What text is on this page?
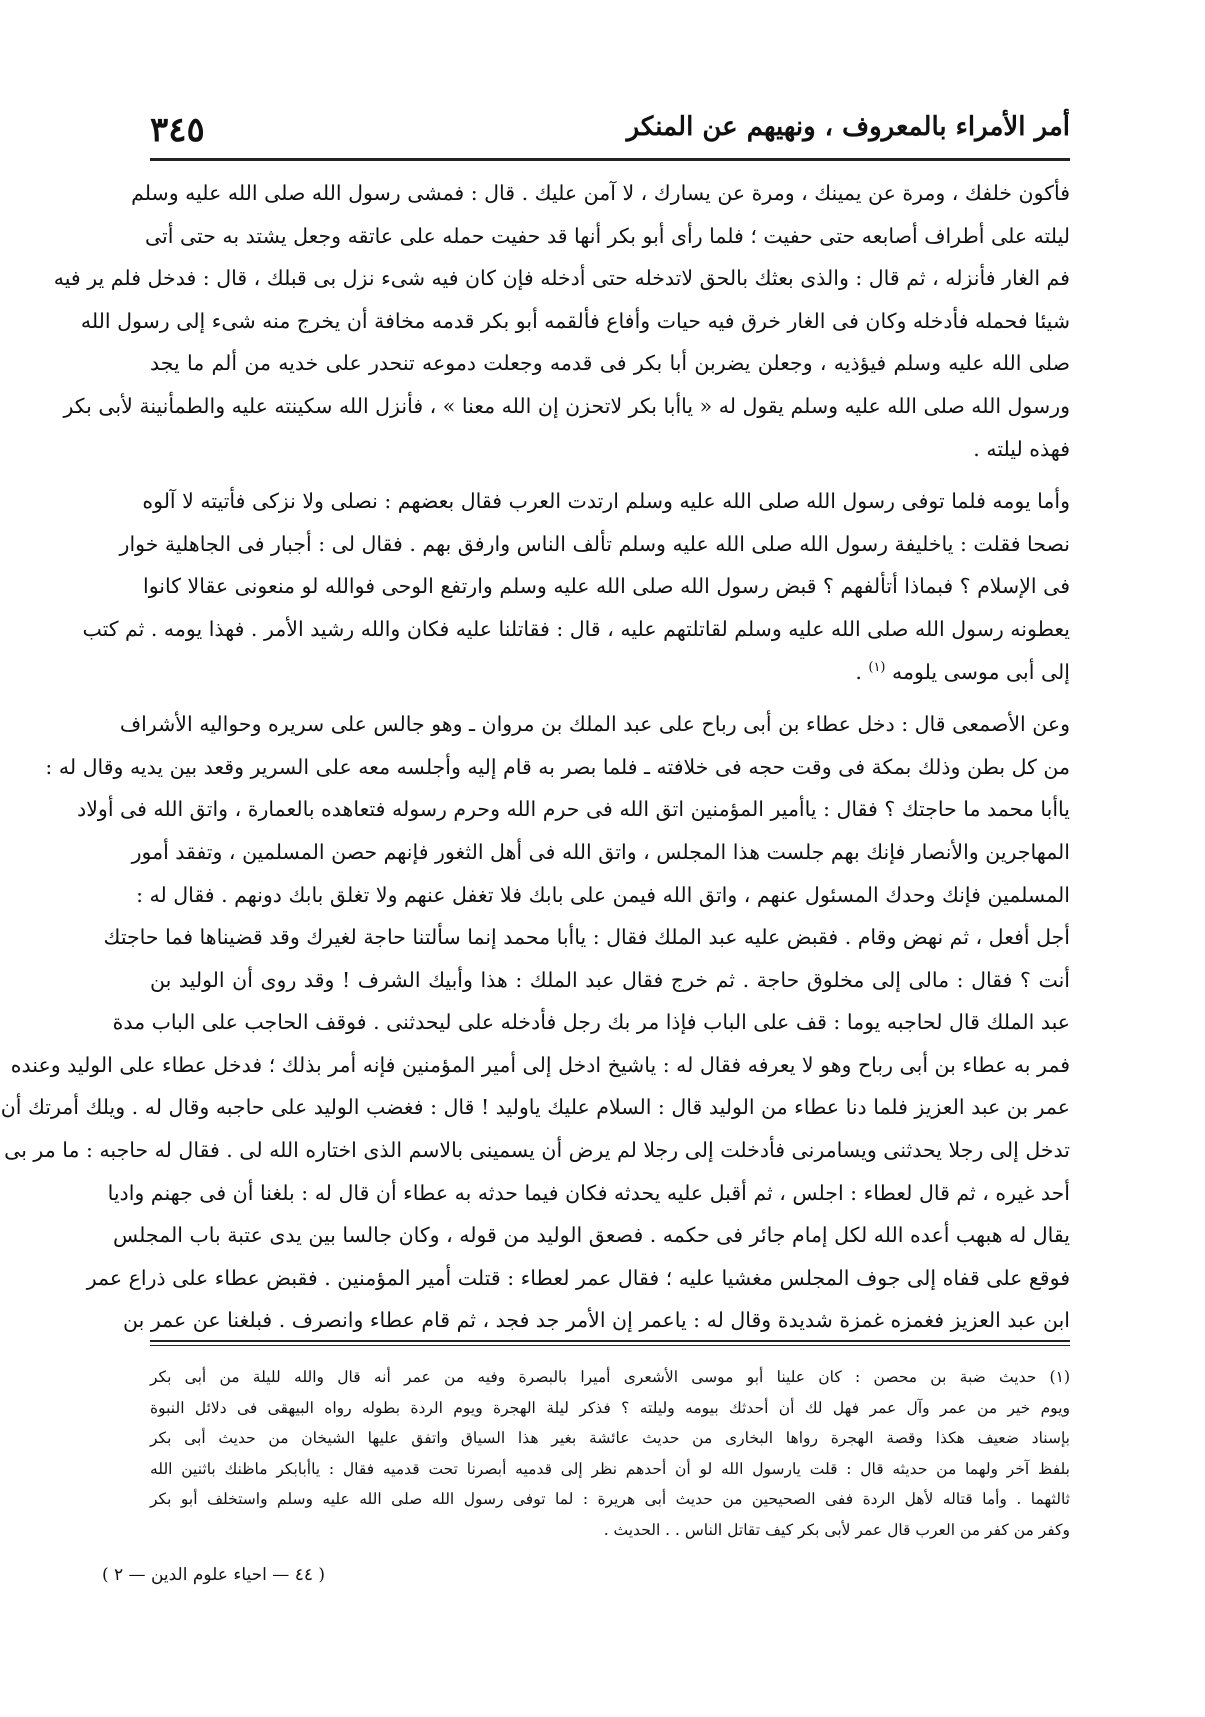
٣٤٥	أمر الأمراء بالمعروف ، ونهيهم عن المنكر
فأكون خلفك ، ومرة عن يمينك ، ومرة عن يسارك ، لا آمن عليك . قال : فمشى رسول الله صلى الله عليه وسلم
ليلته على أطراف أصابعه حتى حفيت ؛ فلما رأى أبو بكر أنها قد حفيت حمله على عاتقه وجعل يشتد به حتى أتى
فم الغار فأنزله ، ثم قال : والذى بعثك بالحق لاتدخله حتى أدخله فإن كان فيه شىء نزل بى قبلك ، قال : فدخل فلم ير فيه
شيئا فحمله فأدخله وكان فى الغار خرق فيه حيات وأفاع فألقمه أبو بكر قدمه مخافة أن يخرج منه شىء إلى رسول الله
صلى الله عليه وسلم فيؤذيه ، وجعلن يضربن أبا بكر فى قدمه وجعلت دموعه تنحدر على خديه من ألم ما يجد
ورسول الله صلى الله عليه وسلم يقول له « ياأبا بكر لاتحزن إن الله معنا » ، فأنزل الله سكينته عليه والطمأنينة لأبى بكر
فهذه ليلته .
وأما يومه فلما توفى رسول الله صلى الله عليه وسلم ارتدت العرب فقال بعضهم : نصلى ولا نزكى فأتيته لا آلوه
نصحا فقلت : ياخليفة رسول الله صلى الله عليه وسلم تألف الناس وارفق بهم . فقال لى : أجبار فى الجاهلية خوار
فى الإسلام ؟ فبماذا أتألفهم ؟ قبض رسول الله صلى الله عليه وسلم وارتفع الوحى فوالله لو منعونى عقالا كانوا
يعطونه رسول الله صلى الله عليه وسلم لقاتلتهم عليه ، قال : فقاتلنا عليه فكان والله رشيد الأمر . فهذا يومه . ثم كتب
إلى أبى موسى يلومه $^{(١)}$ .
وعن الأصمعى قال : دخل عطاء بن أبى رباح على عبد الملك بن مروان ـ وهو جالس على سريره وحواليه الأشراف
من كل بطن وذلك بمكة فى وقت حجه فى خلافته ـ فلما بصر به قام إليه وأجلسه معه على السرير وقعد بين يديه وقال له :
ياأبا محمد ما حاجتك ؟ فقال : ياأمير المؤمنين اتق الله فى حرم الله وحرم رسوله فتعاهده بالعمارة ، واتق الله فى أولاد
المهاجرين والأنصار فإنك بهم جلست هذا المجلس ، واتق الله فى أهل الثغور فإنهم حصن المسلمين ، وتفقد أمور
المسلمين فإنك وحدك المسئول عنهم ، واتق الله فيمن على بابك فلا تغفل عنهم ولا تغلق بابك دونهم . فقال له :
أجل أفعل ، ثم نهض وقام . فقبض عليه عبد الملك فقال : ياأبا محمد إنما سألتنا حاجة لغيرك وقد قضيناها فما حاجتك
أنت ؟ فقال : مالى إلى مخلوق حاجة . ثم خرج فقال عبد الملك : هذا وأبيك الشرف ! وقد روى أن الوليد بن
عبد الملك قال لحاجبه يوما : قف على الباب فإذا مر بك رجل فأدخله على ليحدثنى . فوقف الحاجب على الباب مدة
فمر به عطاء بن أبى رباح وهو لا يعرفه فقال له : ياشيخ ادخل إلى أمير المؤمنين فإنه أمر بذلك ؛ فدخل عطاء على الوليد وعنده
عمر بن عبد العزيز فلما دنا عطاء من الوليد قال : السلام عليك ياوليد ! قال : فغضب الوليد على حاجبه وقال له . ويلك أمرتك أن
تدخل إلى رجلا يحدثنى ويسامرنى فأدخلت إلى رجلا لم يرض أن يسمينى بالاسم الذى اختاره الله لى . فقال له حاجبه : ما مر بى
أحد غيره ، ثم قال لعطاء : اجلس ، ثم أقبل عليه يحدثه فكان فيما حدثه به عطاء أن قال له : بلغنا أن فى جهنم واديا
يقال له هبهب أعده الله لكل إمام جائر فى حكمه . فصعق الوليد من قوله ، وكان جالسا بين يدى عتبة باب المجلس
فوقع على قفاه إلى جوف المجلس مغشيا عليه ؛ فقال عمر لعطاء : قتلت أمير المؤمنين . فقبض عطاء على ذراع عمر
ابن عبد العزيز فغمزه غمزة شديدة وقال له : ياعمر إن الأمر جد فجد ، ثم قام عطاء وانصرف . فبلغنا عن عمر بن
(١) حديث ضبة بن محصن : كان علينا أبو موسى الأشعرى أميرا بالبصرة وفيه من عمر أنه قال والله لليلة من أبى بكر
ويوم خير من عمر وآل عمر فهل لك أن أحدثك بيومه وليلته ؟ فذكر ليلة الهجرة ويوم الردة بطوله رواه البيهقى فى دلائل النبوة
بإسناد ضعيف هكذا وقصة الهجرة رواها البخارى من حديث عائشة بغير هذا السياق واتفق عليها الشيخان من حديث أبى بكر
بلفظ آخر ولهما من حديثه قال : قلت يارسول الله لو أن أحدهم نظر إلى قدميه أبصرنا تحت قدميه فقال : ياأبابكر ماظنك باثنين الله
ثالثهما . وأما قتاله لأهل الردة ففى الصحيحين من حديث أبى هريرة : لما توفى رسول الله صلى الله عليه وسلم واستخلف أبو بكر
وكفر من كفر من العرب قال عمر لأبى بكر كيف تقاتل الناس . . الحديث .
( ٤٤ — احياء علوم الدين — ٢ )
